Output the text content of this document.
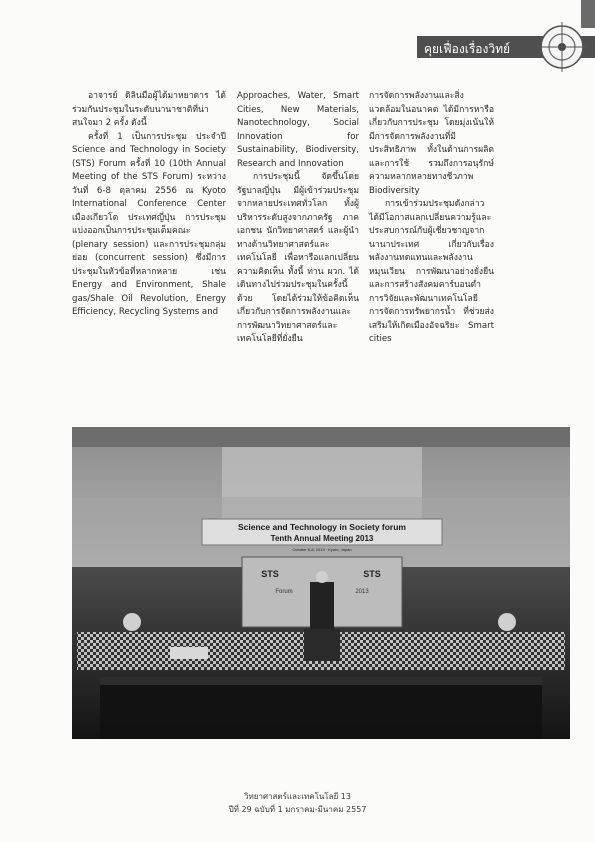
คุยเฟื่องเรื่องวิทย์

อาจารย์ ดิลินมือผู้ได้มาหยาดาร ได้ร่วมกันประชุมในระดับนานาชาติที่น่าสนใจมา 2 ครั้ง ดังนี้

ครั้งที่ 1 เป็นการประชุม ประจำปี Science and Technology in Society (STS) Forum ครั้งที่ 10 (10th Annual Meeting of the STS Forum) ระหว่างวันที่ 6-8 ตุลาคม 2556 ณ Kyoto International Conference Center เมืองเกียวโต ประเทศญี่ปุ่น การประชุมแบ่งออกเป็นการประชุมเต็มคณะ (plenary session) และการประชุมกลุ่มย่อย (concurrent session) ซึ่งมีการประชุมในหัวข้อที่หลากหลาย เช่น Energy and Environment, Shale gas/Shale Oil Revolution, Energy Efficiency, Recycling Systems and

Approaches, Water, Smart Cities, New Materials, Nanotechnology, Social Innovation for Sustainability, Biodiversity, Research and Innovation

การประชุมนี้ จัดขึ้นโดยรัฐบาลญี่ปุ่น มีผู้เข้าร่วมประชุมจากหลายประเทศทั่วโลก ทั้งผู้บริหารระดับสูงจากภาครัฐ ภาคเอกชน นักวิทยาศาสตร์ และผู้นำทางด้านวิทยาศาสตร์และเทคโนโลยี เพื่อหารือแลกเปลี่ยนความคิดเห็น ทั้งนี้ ท่าน ผวก. ได้เดินทางไปร่วมประชุมในครั้งนี้ด้วย โดยได้ร่วมให้ข้อคิดเห็นเกี่ยวกับการจัดการพลังงานและการพัฒนาวิทยาศาสตร์และเทคโนโลยีที่ยั่งยืน

การจัดการพลังงานและสิ่งแวดล้อมในอนาคต ได้มีการหารือเกี่ยวกับการประชุม โดยมุ่งเน้นให้มีการจัดการพลังงานที่มีประสิทธิภาพ ทั้งในด้านการผลิต และการใช้ รวมถึงการอนุรักษ์ความหลากหลายทางชีวภาพ Biodiversity

การเข้าร่วมประชุมดังกล่าว ได้มีโอกาสแลกเปลี่ยนความรู้และประสบการณ์กับผู้เชี่ยวชาญจากนานาประเทศ เกี่ยวกับเรื่องพลังงานทดแทนและพลังงานหมุนเวียน การพัฒนาอย่างยั่งยืน และการสร้างสังคมคาร์บอนต่ำ การวิจัยและพัฒนาเทคโนโลยี การจัดการทรัพยากรน้ำ ที่ช่วยส่งเสริมให้เกิดเมืองอัจฉริยะ Smart cities

Science and Technology in Society forum
Tenth Annual Meeting 2013
October 6-8, 2013 · Kyoto, Japan
STS	STS
Forum	2013
วิทยาศาสตร์และเทคโนโลยี 13
ปีที่ 29 ฉบับที่ 1 มกราคม-มีนาคม 2557
